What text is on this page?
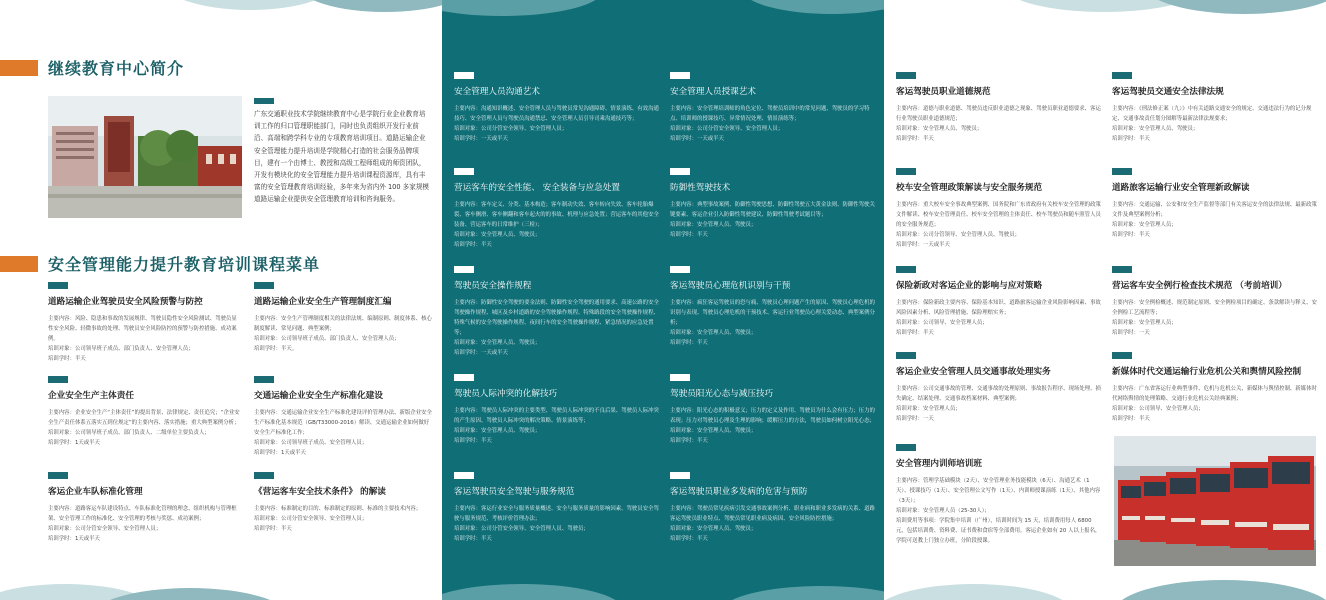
继续教育中心简介
广东交通职业技术学院继续教育中心是学院行业企业教育培训工作的归口管理职能部门，同时也负责组织开发行业前沿、高端和跨学科专业的专项教育培训项目。道路运输企业安全管理能力提升培训是学院精心打造的社会服务品牌项目，建有一个由博士、教授和高级工程师组成的师资团队，开发有模块化的安全管理能力提升培训课程资源库，具有丰富的安全管理教育培训经验，多年来为省内外 100 多家规模道路运输企业提供安全管理教育培训和咨询服务。
安全管理能力提升教育培训课程菜单
道路运输企业驾驶员安全风险预警与防控
主要内容：风险、隐患和事故的发展规律、驾驶员隐性安全风险测试、驾驶员显性安全风险、轻微事故的处理、驾驶员安全风险防控的预警与防控措施、成功案例。
培训对象：公司领导班子成员、部门负责人、安全管理人员；
培训学时：半天
道路运输企业安全生产管理制度汇编
主要内容：安全生产管理制度相关的法律法规、编制原则、制度体系、核心制度解读、常见问题、典型案例；
培训对象：公司领导班子成员、部门负责人、安全管理人员；
培训学时：半天。
企业安全生产主体责任
主要内容：企业安全生产“主体责任”的提出背景、法律规定、责任追究；“企业安全生产责任体系五落实五到位规定”的主要内容、落实措施；重大典型案例分析；
培训对象：公司领导班子成员、部门负责人、二级单位主要负责人；
培训学时：1天或半天
交通运输企业安全生产标准化建设
主要内容：交通运输企业安全生产标准化建设评价管理办法、新版企业安全生产标准化基本规范（GB/T33000-2016）解读、交通运输企业如何做好安全生产标准化工作；
培训对象：公司领导班子成员、安全管理人员；
培训学时：1天或半天
客运企业车队标准化管理
主要内容：道路客运车队建设特点、车队标准化管理的理念、组织机构与管理框架、安全管理工作的标准化、安全管理的考核与奖惩、成功案例；
培训对象：公司分管安全领导、安全管理人员；
培训学时：1天或半天
《营运客车安全技术条件》 的解读
主要内容：标准制定的目的、标准制定的原则、标准的主要技术内容；
培训对象：公司分管安全领导、安全管理人员；
培训学时：半天
安全管理人员沟通艺术
主要内容：沟通知识概述、安全管理人员与驾驶员常见沟通障碍、情景演练、有效沟通技巧、安全管理人员与驾驶员沟通禁忌、安全管理人员引导司乘沟通技巧等；
培训对象：公司分管安全领导、安全管理人员；
培训学时：一天或半天
安全管理人员授课艺术
主要内容：安全管理培训师的角色定位、驾驶员培训中的常见问题、驾驶员的学习特点、培训师的授课技巧、异常情况处理、情景演练等；
培训对象：公司分管安全领导、安全管理人员；
培训学时：一天或半天
营运客车的安全性能、 安全装备与应急处置
主要内容：客车定义、分类、基本构造；客车制动失效、客车转向失效、客车轮胎爆裂、客车侧滑、客车侧翻和客车起火的的事故、机理与应急处置；营运客车的其他安全装备、营运客车的日常维护（三检）；
培训对象：安全管理人员、驾驶员；
培训学时：半天
防御性驾驶技术
主要内容：典型事故案例、防御性驾驶思想、防御性驾驶五大黄金法则、防御性驾驶关键要素、客运企业引入防御性驾驶建议、防御性驾驶考试题目等；
培训对象：安全管理人员、驾驶员；
培训学时：半天
驾驶员安全操作规程
主要内容：防御性安全驾驶的要金法则、防御性安全驾驶的通用要求、高速公路的安全驾驶操作规程、城区及乡村道路的安全驾驶操作规程、特殊路段的安全驾驶操作规程、特殊气候的安全驾驶操作规程、夜间行车的安全驾驶操作规程、紧急情况的应急处置等；
培训对象：安全管理人员、驾驶员；
培训学时：一天或半天
客运驾驶员心理危机识别与干预
主要内容：疯狂客运驾驶员的恐与痛、驾驶员心理问题产生的原因、驾驶员心理危机的识别与表现、驾驶员心理危机的干预技术、客运行业驾驶员心理关爱动态、典型案例分析；
培训对象：安全管理人员、驾驶员；
培训学时：半天
驾驶员人际冲突的化解技巧
主要内容：驾驶员人际冲突的主要类型、驾驶员人际冲突的不良后果、驾驶员人际冲突的产生原因、驾驶员人际冲突的解决策略、情景演练等；
培训对象：安全管理人员、驾驶员；
培训学时：半天
驾驶员阳光心态与减压技巧
主要内容：阳光心态的积极意义；压力的定义及作用、驾驶员为什么会有压力；压力的表现；压力对驾驶员心理及生理的影响；缓解压力的方法，驾驶员如何树立阳光心态；
培训对象：安全管理人员、驾驶员；
培训学时：半天
客运驾驶员安全驾驶与服务规范
主要内容：客运行业安全与服务质量概述、安全与服务质量的影响因素、驾驶员安全驾驶与服务规范、考核评价管理办法；
培训对象：公司分管安全领导、安全管理人员、驾驶员；
培训学时：半天
客运驾驶员职业多发病的危害与预防
主要内容：驾驶员常见疾病引发交通事故案例分析、职业病和职业多发病的关系、道路客运驾驶员职业特点、驾驶员常见职业病及病因、安全风险防控措施；
培训对象：安全管理人员、驾驶员；
培训学时：半天
客运驾驶员职业道德规范
主要内容：道德与职业道德、驾驶员违反职业道德之现象、驾驶员职业道德要求、客运行业驾驶员职业道德规范；
培训对象：安全管理人员、驾驶员；
培训学时：半天
客运驾驶员交通安全法律法规
主要内容：《刑法修正案（九）》中有关道路交通安全的规定、交通违法行为的记分规定、交通事故责任划分图解等最新法律法规要求；
培训对象：安全管理人员、驾驶员；
培训学时：半天
校车安全管理政策解读与安全服务规范
主要内容：重大校车安全事故典型案例、国务院和广东省政府有关校车安全管理的政策文件解读、校车安全管理责任、校车安全管理的主体责任、校车驾驶员和随车照管人员的安全服务规范；
培训对象：公司分管领导、安全管理人员、驾驶员；
培训学时：一天或半天
道路旅客运输行业安全管理新政解读
主要内容：交通运输、公安和安全生产监督等部门有关客运安全的法律法规、最新政策文件及典型案例分析；
培训对象：安全管理人员；
培训学时：半天
保险新政对客运企业的影响与应对策略
主要内容：保险新政主要内容、保险基本知识、道路旅客运输企业风险影响因素、事故风险因素分析、风险管理措施、保险理赔实务；
培训对象：公司领导、安全管理人员；
培训学时：半天
营运客车安全例行检查技术规范 （考前培训）
主要内容：安全例检概述、规范制定原则、安全例检项目的确定、条款解读与释义、安全例检工艺流程等；
培训对象：安全管理人员；
培训学时：一天
客运企业安全管理人员交通事故处理实务
主要内容：公司交通事故的管理、交通事故的处理原则、事故报告程序、现场处理、损失确定、结案处理、交通事故档案材料、典型案例；
培训对象：安全管理人员；
培训学时：一天
新媒体时代交通运输行业危机公关和舆情风险控制
主要内容：广东省客运行业典型事件、危机与危机公关、新媒体与舆情控制、新媒体时代网络舆情的处理策略、交通行业危机公关经典案例；
培训对象：公司领导、安全管理人员；
培训学时：半天
安全管理内训师培训班
主要内容：管理学基础模块（2天）、安全管理业务技能模块（6天）、沟通艺术（1天）、授课技巧（1天）、安全管理公文写作（1天）、内训师授课演练（1天）、其他内容（3天）；
培训对象：安全管理人员（25-30人）；
培训费用等事项：学院集中培训（广州），培训时间为 15 天，培训费用每人 6800 元，包括培训费、资料费、证书费和食宿等全部费用。客运企业如有 20 人以上报名，学院可送教上门独立办班，分阶段授课。
